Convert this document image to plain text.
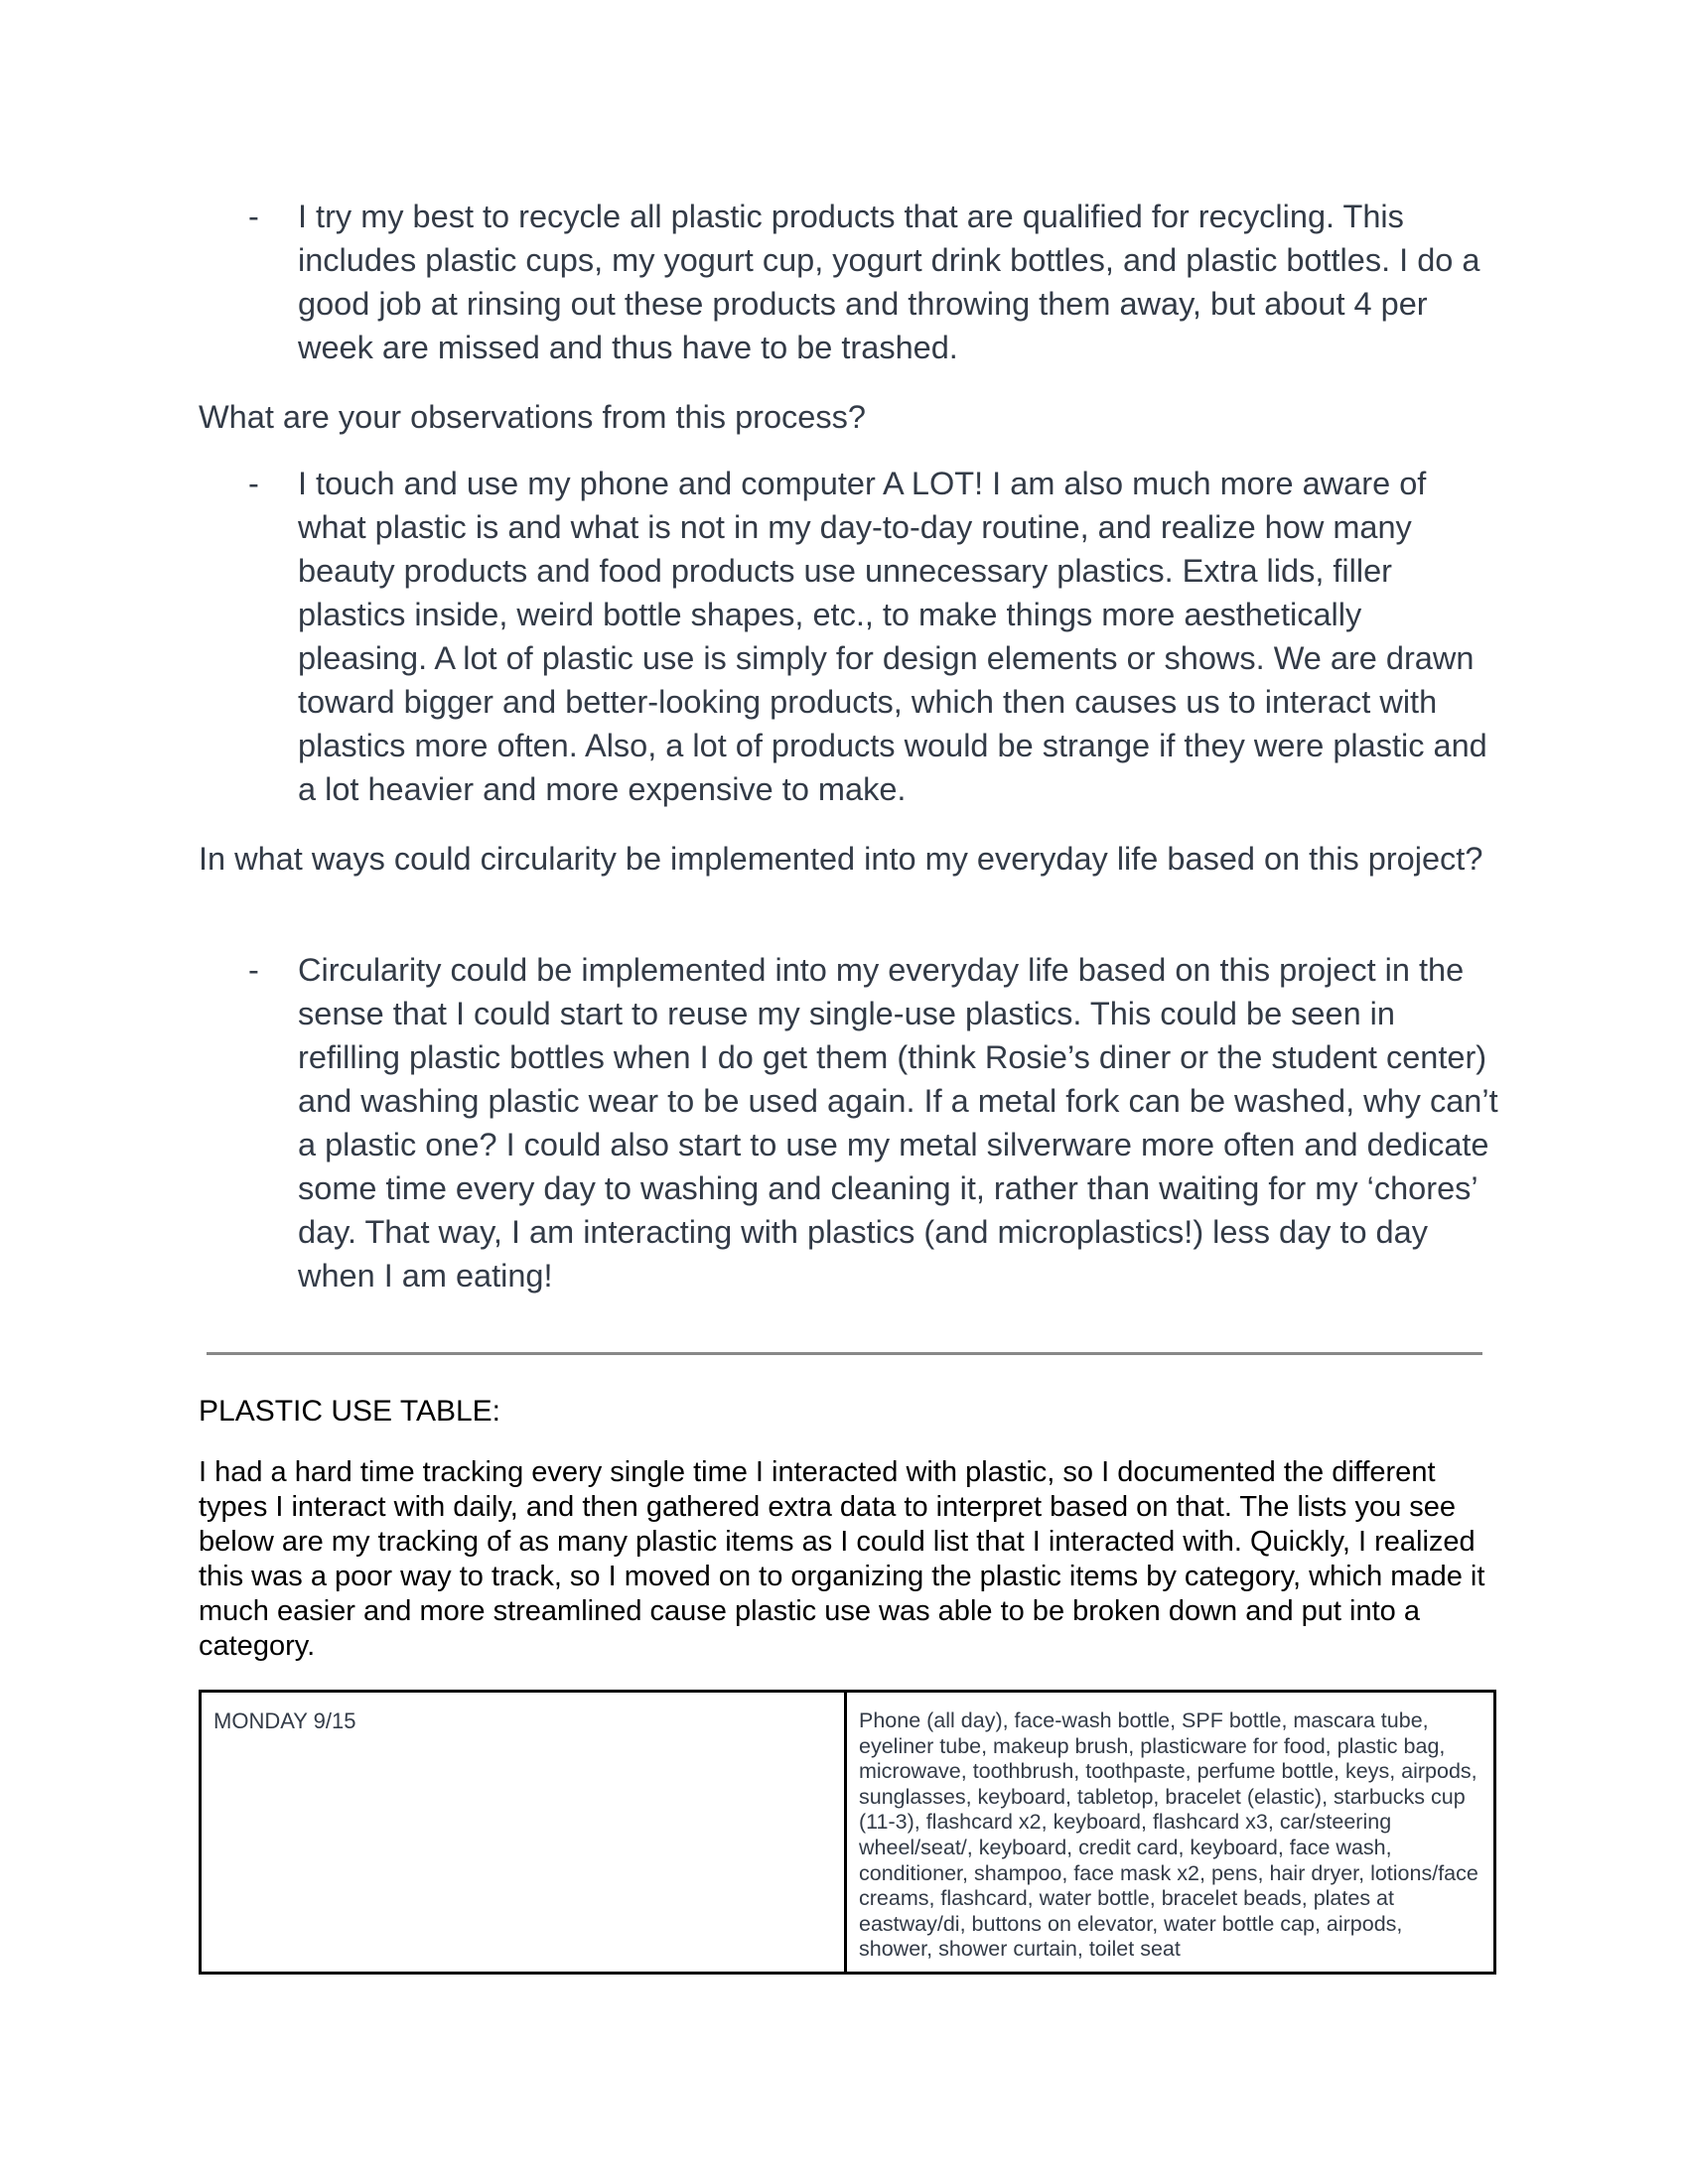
- I try my best to recycle all plastic products that are qualified for recycling. This includes plastic cups, my yogurt cup, yogurt drink bottles, and plastic bottles. I do a good job at rinsing out these products and throwing them away, but about 4 per week are missed and thus have to be trashed.
What are your observations from this process?
- I touch and use my phone and computer A LOT! I am also much more aware of what plastic is and what is not in my day-to-day routine, and realize how many beauty products and food products use unnecessary plastics. Extra lids, filler plastics inside, weird bottle shapes, etc., to make things more aesthetically pleasing. A lot of plastic use is simply for design elements or shows. We are drawn toward bigger and better-looking products, which then causes us to interact with plastics more often. Also, a lot of products would be strange if they were plastic and a lot heavier and more expensive to make.
In what ways could circularity be implemented into my everyday life based on this project?
- Circularity could be implemented into my everyday life based on this project in the sense that I could start to reuse my single-use plastics. This could be seen in refilling plastic bottles when I do get them (think Rosie’s diner or the student center) and washing plastic wear to be used again. If a metal fork can be washed, why can’t a plastic one? I could also start to use my metal silverware more often and dedicate some time every day to washing and cleaning it, rather than waiting for my ‘chores’ day. That way, I am interacting with plastics (and microplastics!) less day to day when I am eating!
PLASTIC USE TABLE:
I had a hard time tracking every single time I interacted with plastic, so I documented the different types I interact with daily, and then gathered extra data to interpret based on that. The lists you see below are my tracking of as many plastic items as I could list that I interacted with. Quickly, I realized this was a poor way to track, so I moved on to organizing the plastic items by category, which made it much easier and more streamlined cause plastic use was able to be broken down and put into a category.
MONDAY 9/15	Phone (all day), face-wash bottle, SPF bottle, mascara tube, eyeliner tube, makeup brush, plasticware for food, plastic bag, microwave, toothbrush, toothpaste, perfume bottle, keys, airpods, sunglasses, keyboard, tabletop, bracelet (elastic), starbucks cup (11-3), flashcard x2, keyboard, flashcard x3, car/steering wheel/seat/, keyboard, credit card, keyboard, face wash, conditioner, shampoo, face mask x2, pens, hair dryer, lotions/face creams, flashcard, water bottle, bracelet beads, plates at eastway/di, buttons on elevator, water bottle cap, airpods, shower, shower curtain, toilet seat
